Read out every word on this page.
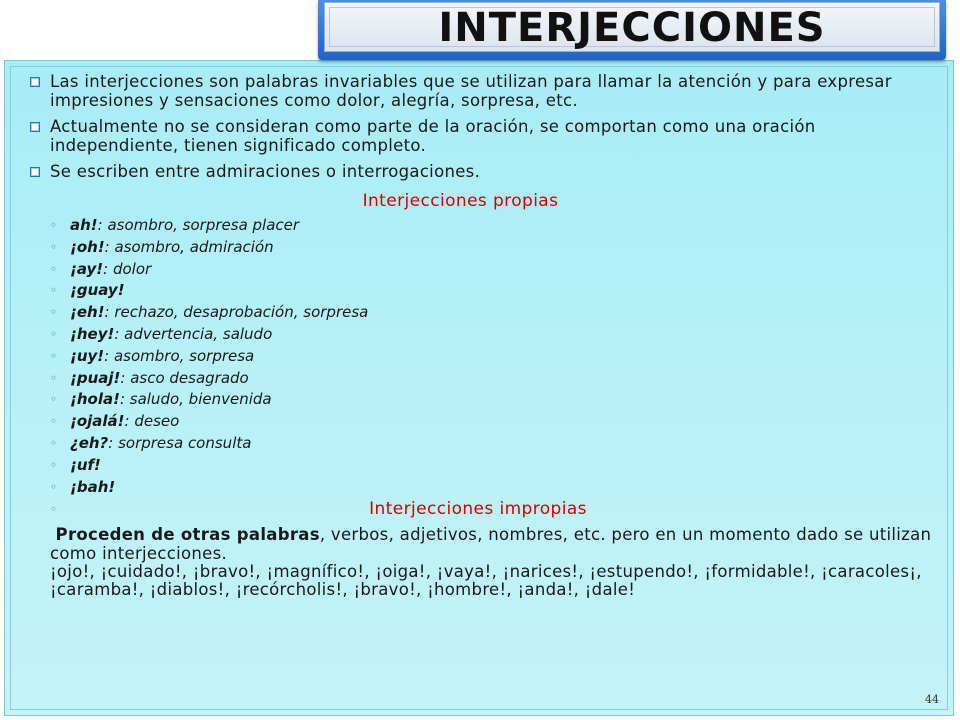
INTERJECCIONES
Las interjecciones son palabras invariables que se utilizan para llamar la atención y para expresar impresiones y sensaciones como dolor, alegría, sorpresa, etc.
Actualmente no se consideran como parte de la oración, se comportan como una oración independiente, tienen significado completo.
Se escriben entre admiraciones o interrogaciones.

Interjecciones propias

◦ ah!: asombro, sorpresa placer
◦ ¡oh!: asombro, admiración
◦ ¡ay!: dolor
◦ ¡guay!
◦ ¡eh!: rechazo, desaprobación, sorpresa
◦ ¡hey!: advertencia, saludo
◦ ¡uy!: asombro, sorpresa
◦ ¡puaj!: asco desagrado
◦ ¡hola!: saludo, bienvenida
◦ ¡ojalá!: deseo
◦ ¿eh?: sorpresa consulta
◦ ¡uf!
◦ ¡bah!
◦	Interjecciones impropias

Proceden de otras palabras, verbos, adjetivos, nombres, etc. pero en un momento dado se utilizan como interjecciones.
¡ojo!, ¡cuidado!, ¡bravo!, ¡magnífico!, ¡oiga!, ¡vaya!, ¡narices!, ¡estupendo!, ¡formidable!, ¡caracoles¡, ¡caramba!, ¡diablos!, ¡recórcholis!, ¡bravo!, ¡hombre!, ¡anda!, ¡dale!
44
